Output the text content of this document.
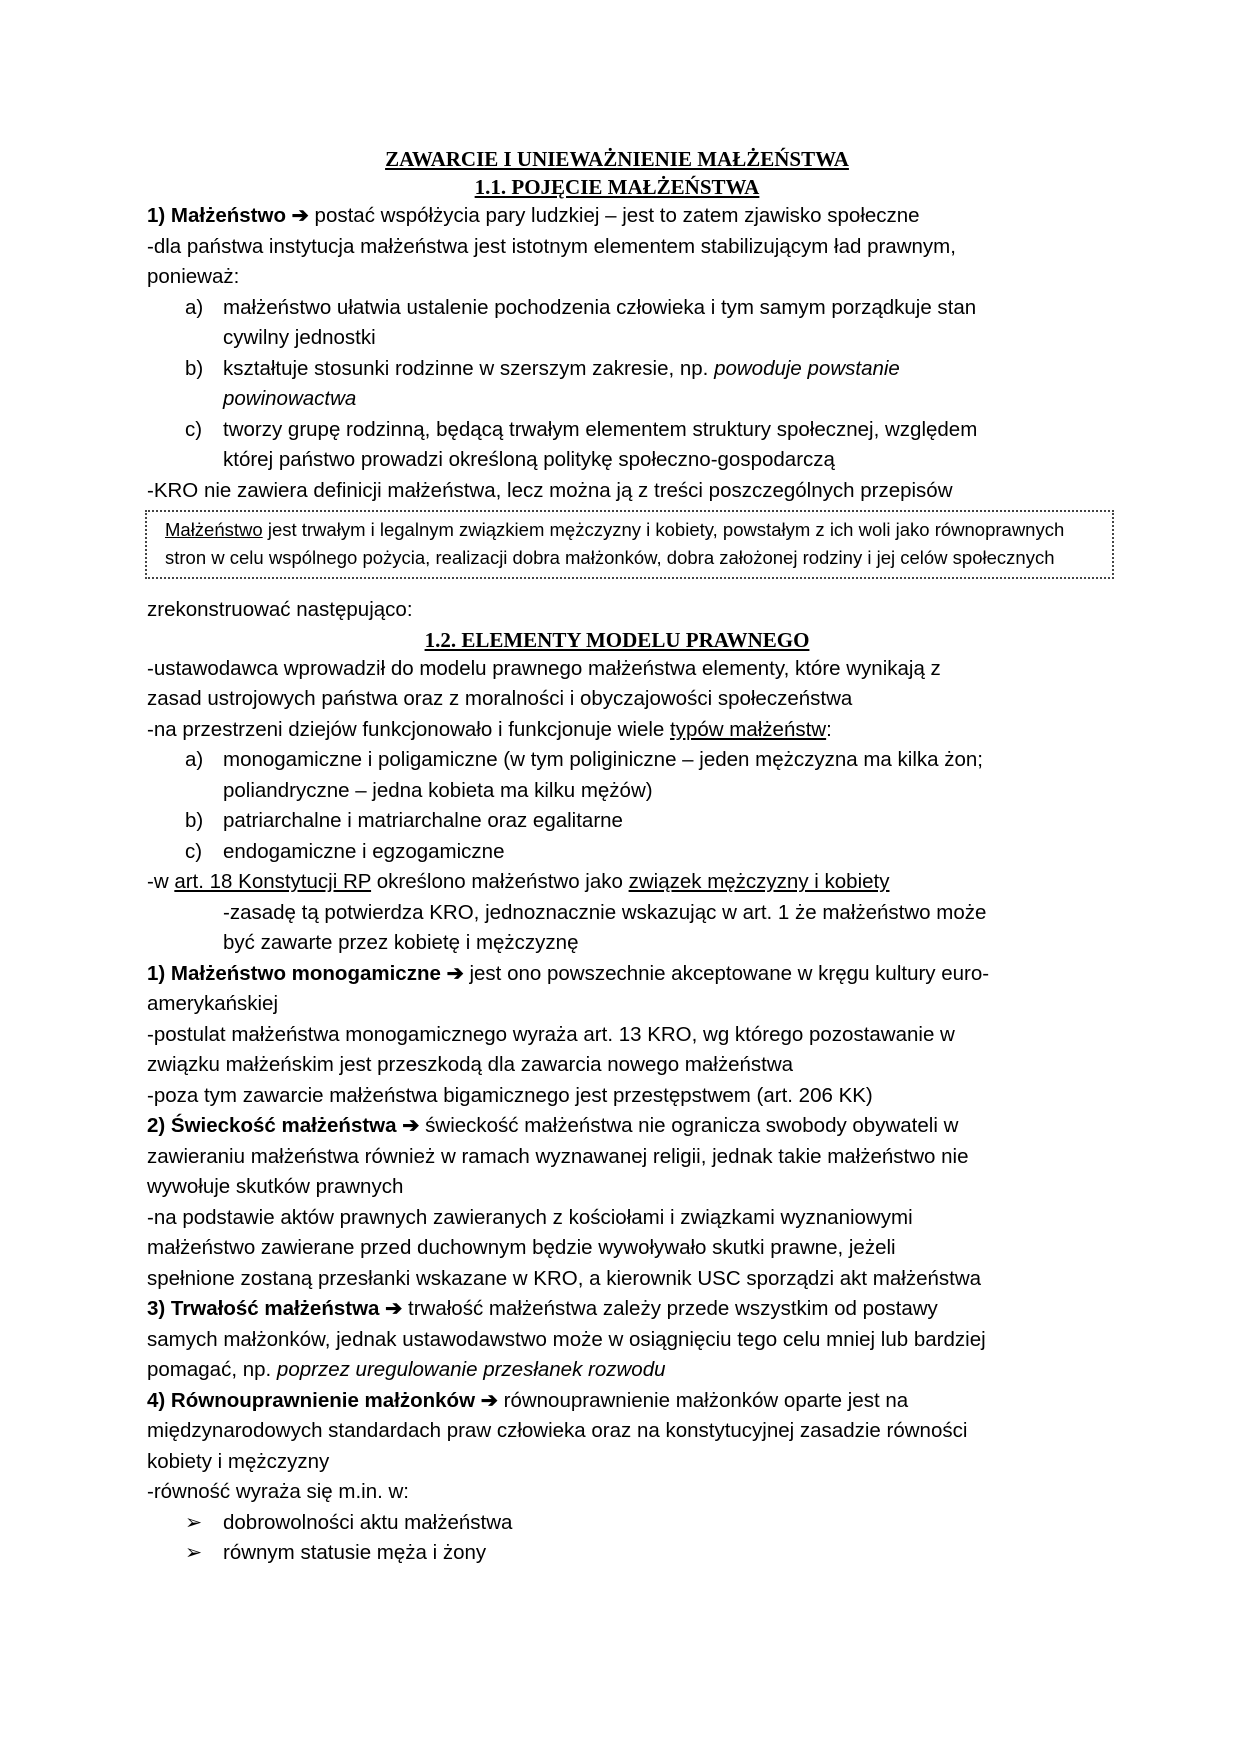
ZAWARCIE I UNIEWAŻNIENIE MAŁŻEŃSTWA
1.1. POJĘCIE MAŁŻEŃSTWA
1) Małżeństwo ➔ postać współżycia pary ludzkiej – jest to zatem zjawisko społeczne
-dla państwa instytucja małżeństwa jest istotnym elementem stabilizującym ład prawnym,
ponieważ:
a) małżeństwo ułatwia ustalenie pochodzenia człowieka i tym samym porządkuje stan
cywilny jednostki
b) kształtuje stosunki rodzinne w szerszym zakresie, np. powoduje powstanie
powinowactwa
c) tworzy grupę rodzinną, będącą trwałym elementem struktury społecznej, względem
której państwo prowadzi określoną politykę społeczno-gospodarczą
-KRO nie zawiera definicji małżeństwa, lecz można ją z treści poszczególnych przepisów
Małżeństwo jest trwałym i legalnym związkiem mężczyzny i kobiety, powstałym z ich woli jako równoprawnych
stron w celu wspólnego pożycia, realizacji dobra małżonków, dobra założonej rodziny i jej celów społecznych
zrekonstruować następująco:
1.2. ELEMENTY MODELU PRAWNEGO
-ustawodawca wprowadził do modelu prawnego małżeństwa elementy, które wynikają z
zasad ustrojowych państwa oraz z moralności i obyczajowości społeczeństwa
-na przestrzeni dziejów funkcjonowało i funkcjonuje wiele typów małżeństw:
a) monogamiczne i poligamiczne (w tym poliginiczne – jeden mężczyzna ma kilka żon;
poliandryczne – jedna kobieta ma kilku mężów)
b) patriarchalne i matriarchalne oraz egalitarne
c) endogamiczne i egzogamiczne
-w art. 18 Konstytucji RP określono małżeństwo jako związek mężczyzny i kobiety
-zasadę tą potwierdza KRO, jednoznacznie wskazując w art. 1 że małżeństwo może
być zawarte przez kobietę i mężczyznę
1) Małżeństwo monogamiczne ➔ jest ono powszechnie akceptowane w kręgu kultury euro-
amerykańskiej
-postulat małżeństwa monogamicznego wyraża art. 13 KRO, wg którego pozostawanie w
związku małżeńskim jest przeszkodą dla zawarcia nowego małżeństwa
-poza tym zawarcie małżeństwa bigamicznego jest przestępstwem (art. 206 KK)
2) Świeckość małżeństwa ➔ świeckość małżeństwa nie ogranicza swobody obywateli w
zawieraniu małżeństwa również w ramach wyznawanej religii, jednak takie małżeństwo nie
wywołuje skutków prawnych
-na podstawie aktów prawnych zawieranych z kościołami i związkami wyznaniowymi
małżeństwo zawierane przed duchownym będzie wywoływało skutki prawne, jeżeli
spełnione zostaną przesłanki wskazane w KRO, a kierownik USC sporządzi akt małżeństwa
3) Trwałość małżeństwa ➔ trwałość małżeństwa zależy przede wszystkim od postawy
samych małżonków, jednak ustawodawstwo może w osiągnięciu tego celu mniej lub bardziej
pomagać, np. poprzez uregulowanie przesłanek rozwodu
4) Równouprawnienie małżonków ➔ równouprawnienie małżonków oparte jest na
międzynarodowych standardach praw człowieka oraz na konstytucyjnej zasadzie równości
kobiety i mężczyzny
-równość wyraża się m.in. w:
➢ dobrowolności aktu małżeństwa
➢ równym statusie męża i żony
